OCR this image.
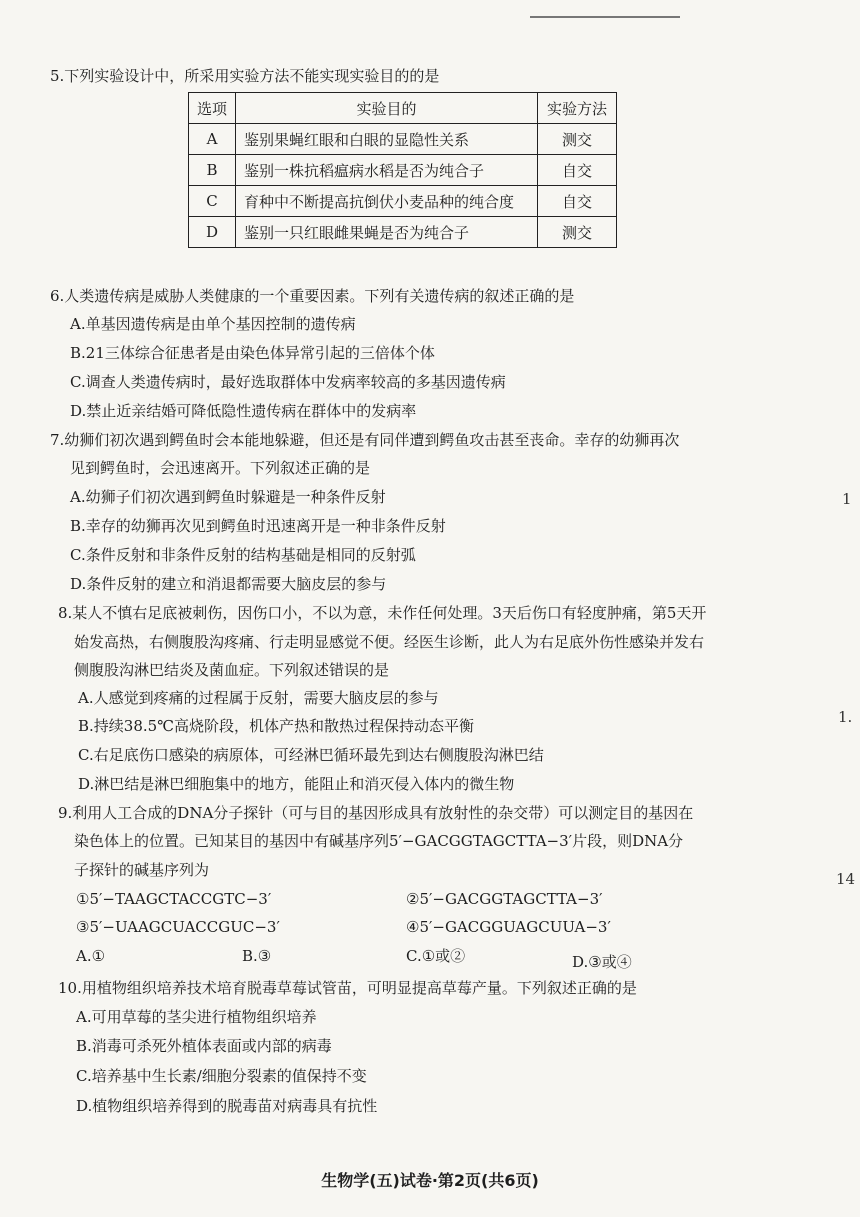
5.下列实验设计中，所采用实验方法不能实现实验目的的是
选项	实验目的	实验方法
A	鉴别果蝇红眼和白眼的显隐性关系	测交
B	鉴别一株抗稻瘟病水稻是否为纯合子	自交
C	育种中不断提高抗倒伏小麦品种的纯合度	自交
D	鉴别一只红眼雌果蝇是否为纯合子	测交
6.人类遗传病是威胁人类健康的一个重要因素。下列有关遗传病的叙述正确的是
A.单基因遗传病是由单个基因控制的遗传病
B.21三体综合征患者是由染色体异常引起的三倍体个体
C.调查人类遗传病时，最好选取群体中发病率较高的多基因遗传病
D.禁止近亲结婚可降低隐性遗传病在群体中的发病率
7.幼狮们初次遇到鳄鱼时会本能地躲避，但还是有同伴遭到鳄鱼攻击甚至丧命。幸存的幼狮再次
见到鳄鱼时，会迅速离开。下列叙述正确的是
A.幼狮子们初次遇到鳄鱼时躲避是一种条件反射
B.幸存的幼狮再次见到鳄鱼时迅速离开是一种非条件反射
C.条件反射和非条件反射的结构基础是相同的反射弧
D.条件反射的建立和消退都需要大脑皮层的参与
8.某人不慎右足底被刺伤，因伤口小，不以为意，未作任何处理。3天后伤口有轻度肿痛，第5天开
始发高热，右侧腹股沟疼痛、行走明显感觉不便。经医生诊断，此人为右足底外伤性感染并发右
侧腹股沟淋巴结炎及菌血症。下列叙述错误的是
A.人感觉到疼痛的过程属于反射，需要大脑皮层的参与
B.持续38.5℃高烧阶段，机体产热和散热过程保持动态平衡
C.右足底伤口感染的病原体，可经淋巴循环最先到达右侧腹股沟淋巴结
D.淋巴结是淋巴细胞集中的地方，能阻止和消灭侵入体内的微生物
9.利用人工合成的DNA分子探针（可与目的基因形成具有放射性的杂交带）可以测定目的基因在
染色体上的位置。已知某目的基因中有碱基序列5′−GACGGTAGCTTA−3′片段，则DNA分
子探针的碱基序列为
①5′−TAAGCTACCGTC−3′	②5′−GACGGTAGCTTA−3′
③5′−UAAGCUACCGUC−3′	④5′−GACGGUAGCUUA−3′
A.①	B.③	C.①或②	D.③或④
10.用植物组织培养技术培育脱毒草莓试管苗，可明显提高草莓产量。下列叙述正确的是
A.可用草莓的茎尖进行植物组织培养
B.消毒可杀死外植体表面或内部的病毒
C.培养基中生长素/细胞分裂素的值保持不变
D.植物组织培养得到的脱毒苗对病毒具有抗性
1
1.
14
生物学(五)试卷·第2页(共6页)
